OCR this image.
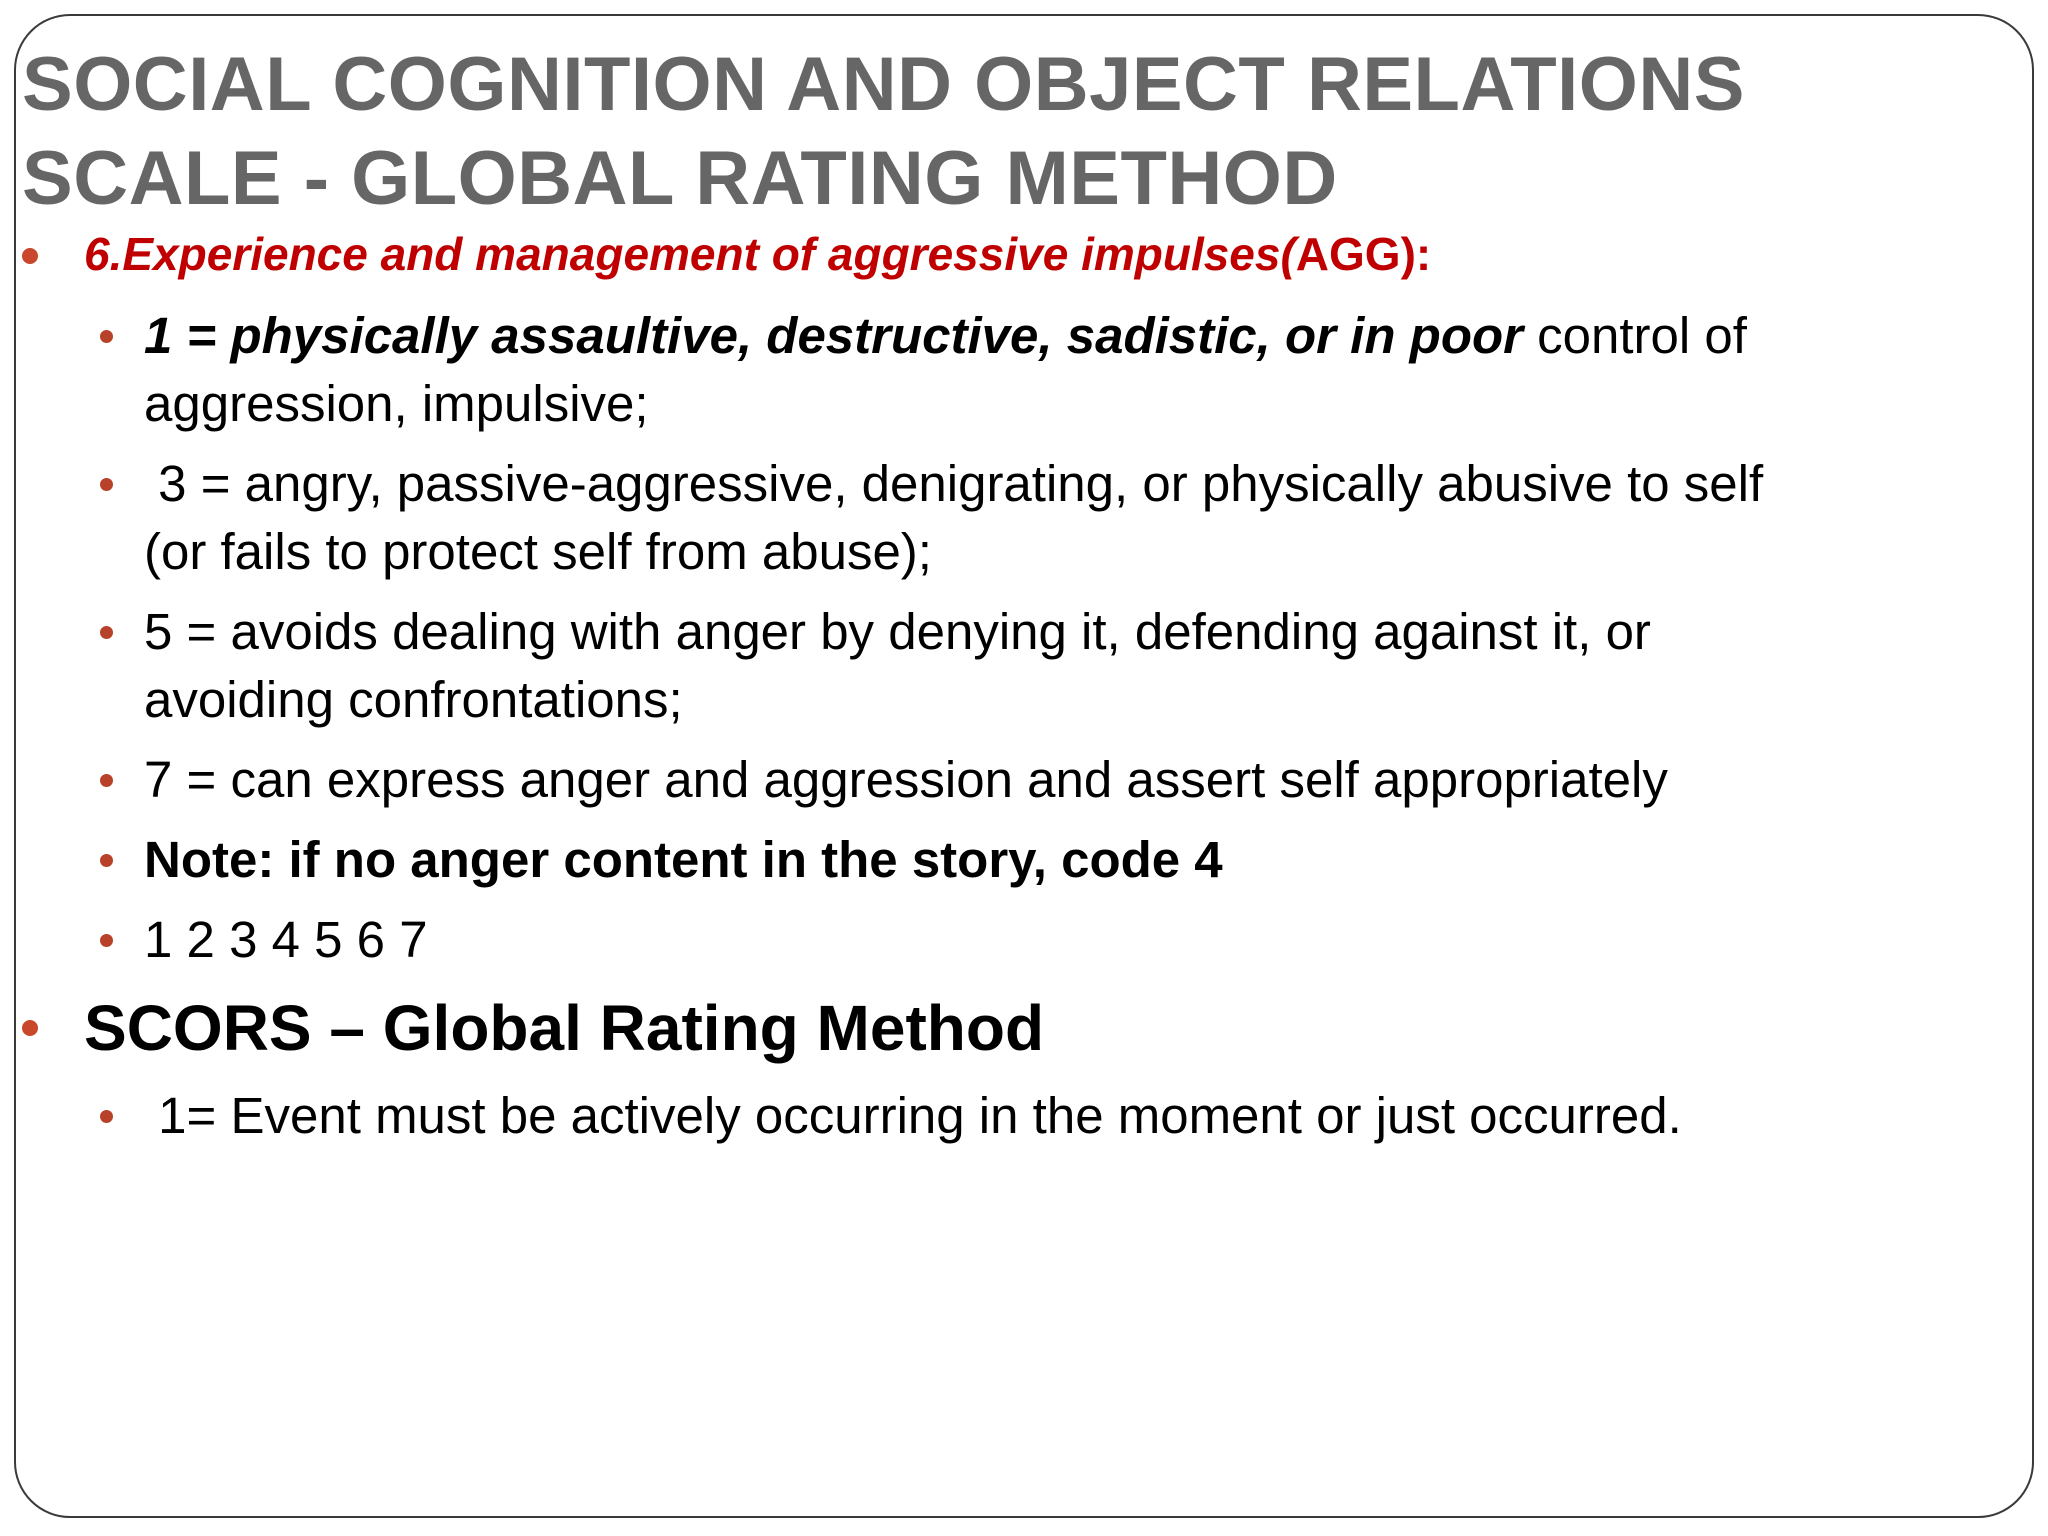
SOCIAL COGNITION AND OBJECT RELATIONS
SCALE - GLOBAL RATING METHOD
6.Experience and management of aggressive impulses(AGG):
1 = physically assaultive, destructive, sadistic, or in poor control of
aggression, impulsive;
3 = angry, passive-aggressive, denigrating, or physically abusive to self
(or fails to protect self from abuse);
5 = avoids dealing with anger by denying it, defending against it, or
avoiding confrontations;
7 = can express anger and aggression and assert self appropriately
Note: if no anger content in the story, code 4
1 2 3 4 5 6 7
SCORS – Global Rating Method
1= Event must be actively occurring in the moment or just occurred.
